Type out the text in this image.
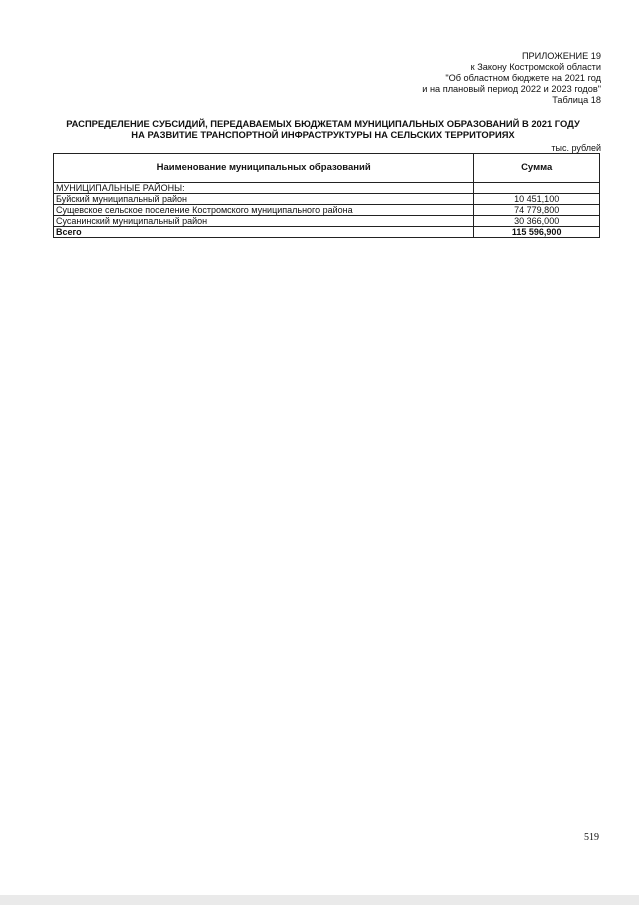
ПРИЛОЖЕНИЕ 19
к Закону Костромской области
"Об областном бюджете на 2021 год
и на плановый период 2022 и 2023 годов"
Таблица 18
РАСПРЕДЕЛЕНИЕ СУБСИДИЙ, ПЕРЕДАВАЕМЫХ БЮДЖЕТАМ МУНИЦИПАЛЬНЫХ ОБРАЗОВАНИЙ В 2021 ГОДУ
НА РАЗВИТИЕ ТРАНСПОРТНОЙ ИНФРАСТРУКТУРЫ НА СЕЛЬСКИХ ТЕРРИТОРИЯХ
тыс. рублей
Наименование муниципальных образований	Сумма
МУНИЦИПАЛЬНЫЕ РАЙОНЫ:	
Буйский муниципальный район	10 451,100
Сущевское сельское поселение Костромского муниципального района	74 779,800
Сусанинский муниципальный район	30 366,000
Всего	115 596,900
519
